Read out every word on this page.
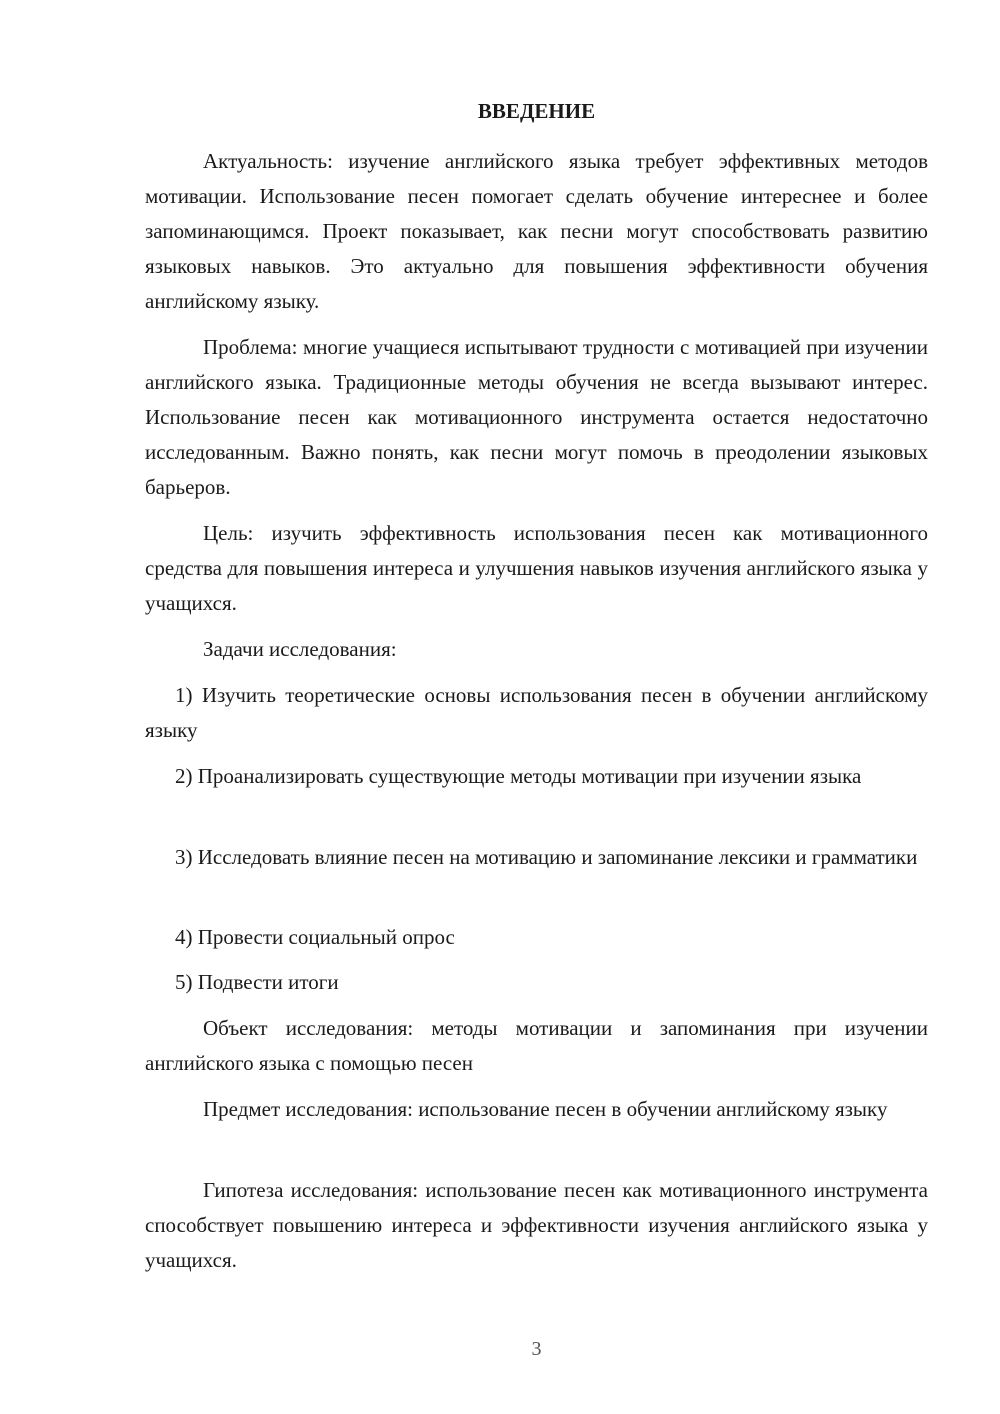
ВВЕДЕНИЕ

Актуальность: изучение английского языка требует эффективных методов мотивации. Использование песен помогает сделать обучение интереснее и более запоминающимся. Проект показывает, как песни могут способствовать развитию языковых навыков. Это актуально для повышения эффективности обучения английскому языку.

Проблема: многие учащиеся испытывают трудности с мотивацией при изучении английского языка. Традиционные методы обучения не всегда вызывают интерес. Использование песен как мотивационного инструмента остается недостаточно исследованным. Важно понять, как песни могут помочь в преодолении языковых барьеров.

Цель: изучить эффективность использования песен как мотивационного средства для повышения интереса и улучшения навыков изучения английского языка у учащихся.

Задачи исследования:

1) Изучить теоретические основы использования песен в обучении английскому языку

2) Проанализировать существующие методы мотивации при изучении языка

3) Исследовать влияние песен на мотивацию и запоминание лексики и грамматики

4) Провести социальный опрос

5) Подвести итоги

Объект исследования: методы мотивации и запоминания при изучении английского языка с помощью песен

Предмет исследования: использование песен в обучении английскому языку

Гипотеза исследования: использование песен как мотивационного инструмента способствует повышению интереса и эффективности изучения английского языка у учащихся.

3
